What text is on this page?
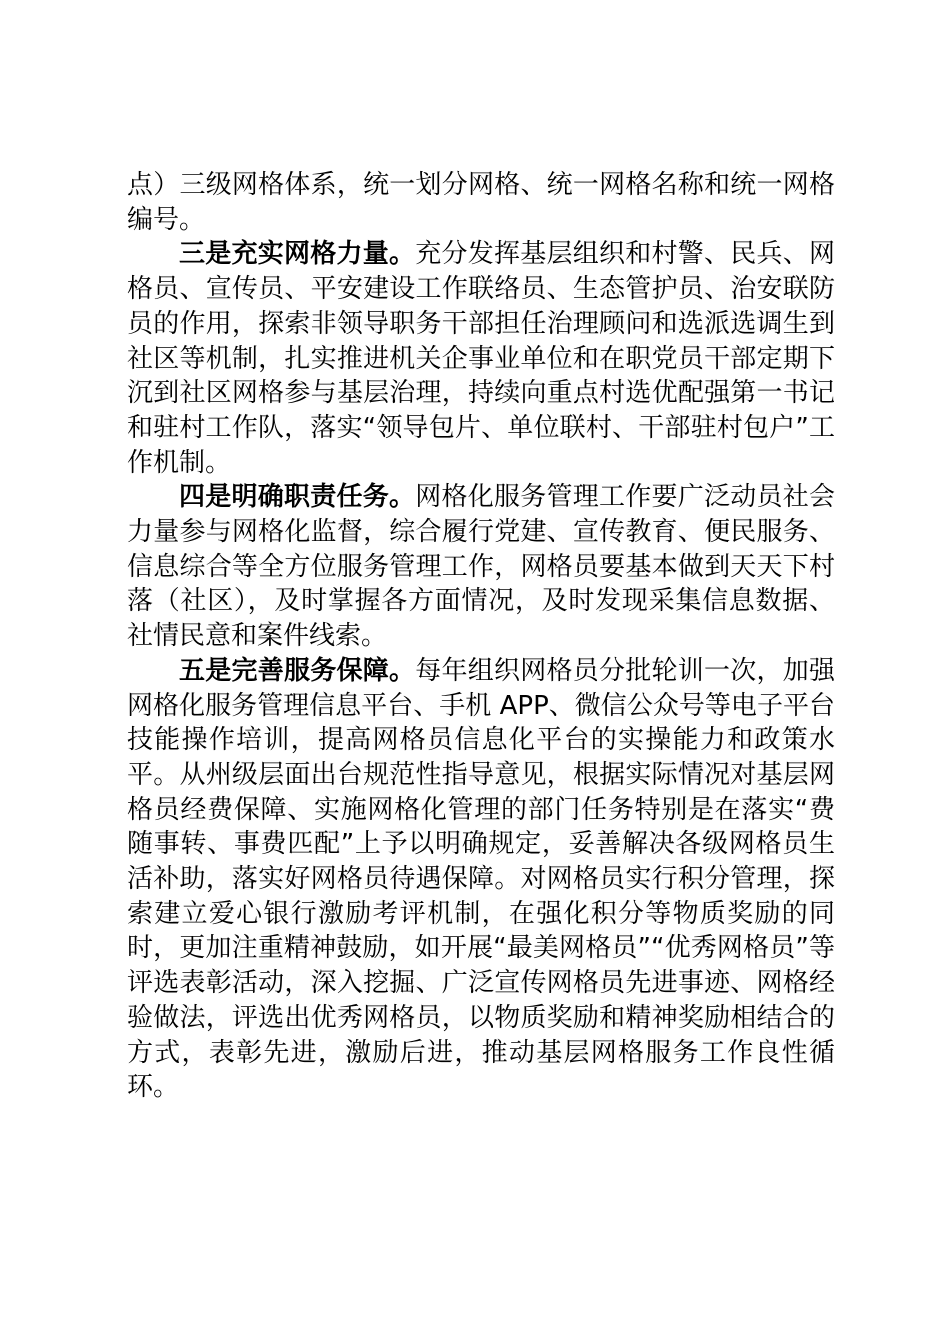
点）三级网格体系，统一划分网格、统一网格名称和统一网格编号。

三是充实网格力量。充分发挥基层组织和村警、民兵、网格员、宣传员、平安建设工作联络员、生态管护员、治安联防员的作用，探索非领导职务干部担任治理顾问和选派选调生到社区等机制，扎实推进机关企事业单位和在职党员干部定期下沉到社区网格参与基层治理，持续向重点村选优配强第一书记和驻村工作队，落实“领导包片、单位联村、干部驻村包户”工作机制。

四是明确职责任务。网格化服务管理工作要广泛动员社会力量参与网格化监督，综合履行党建、宣传教育、便民服务、信息综合等全方位服务管理工作，网格员要基本做到天天下村落（社区），及时掌握各方面情况，及时发现采集信息数据、社情民意和案件线索。

五是完善服务保障。每年组织网格员分批轮训一次，加强网格化服务管理信息平台、手机 APP、微信公众号等电子平台技能操作培训，提高网格员信息化平台的实操能力和政策水平。从州级层面出台规范性指导意见，根据实际情况对基层网格员经费保障、实施网格化管理的部门任务特别是在落实“费随事转、事费匹配”上予以明确规定，妥善解决各级网格员生活补助，落实好网格员待遇保障。对网格员实行积分管理，探索建立爱心银行激励考评机制，在强化积分等物质奖励的同时，更加注重精神鼓励，如开展“最美网格员”“优秀网格员”等评选表彰活动，深入挖掘、广泛宣传网格员先进事迹、网格经验做法，评选出优秀网格员，以物质奖励和精神奖励相结合的方式，表彰先进，激励后进，推动基层网格服务工作良性循环。
